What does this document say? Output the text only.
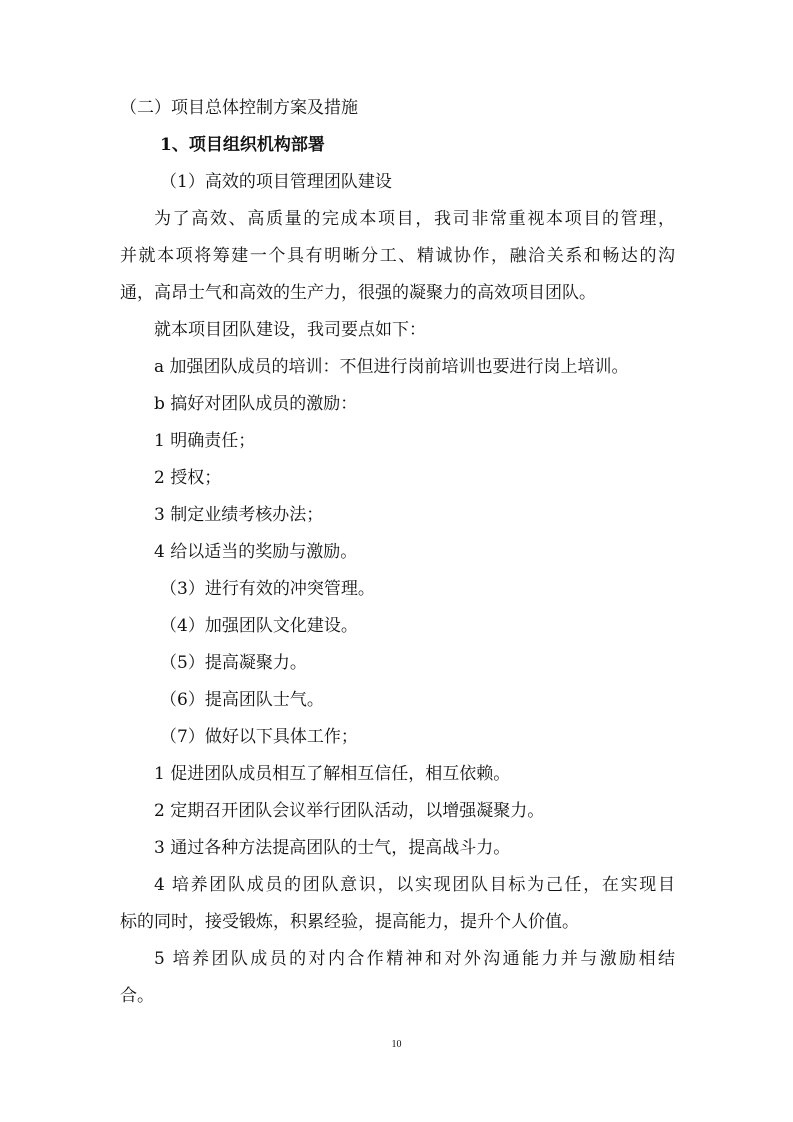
（二）项目总体控制方案及措施
1、项目组织机构部署
（1）高效的项目管理团队建设
为了高效、高质量的完成本项目，我司非常重视本项目的管理，
并就本项将筹建一个具有明晰分工、精诚协作，融洽关系和畅达的沟
通，高昂士气和高效的生产力，很强的凝聚力的高效项目团队。
就本项目团队建设，我司要点如下：
a 加强团队成员的培训：不但进行岗前培训也要进行岗上培训。
b 搞好对团队成员的激励：
1 明确责任；
2 授权；
3 制定业绩考核办法；
4 给以适当的奖励与激励。
（3）进行有效的冲突管理。
（4）加强团队文化建设。
（5）提高凝聚力。
（6）提高团队士气。
（7）做好以下具体工作；
1 促进团队成员相互了解相互信任，相互依赖。
2 定期召开团队会议举行团队活动，以增强凝聚力。
3 通过各种方法提高团队的士气，提高战斗力。
4 培养团队成员的团队意识，以实现团队目标为己任，在实现目
标的同时，接受锻炼，积累经验，提高能力，提升个人价值。
5 培养团队成员的对内合作精神和对外沟通能力并与激励相结
合。
10
